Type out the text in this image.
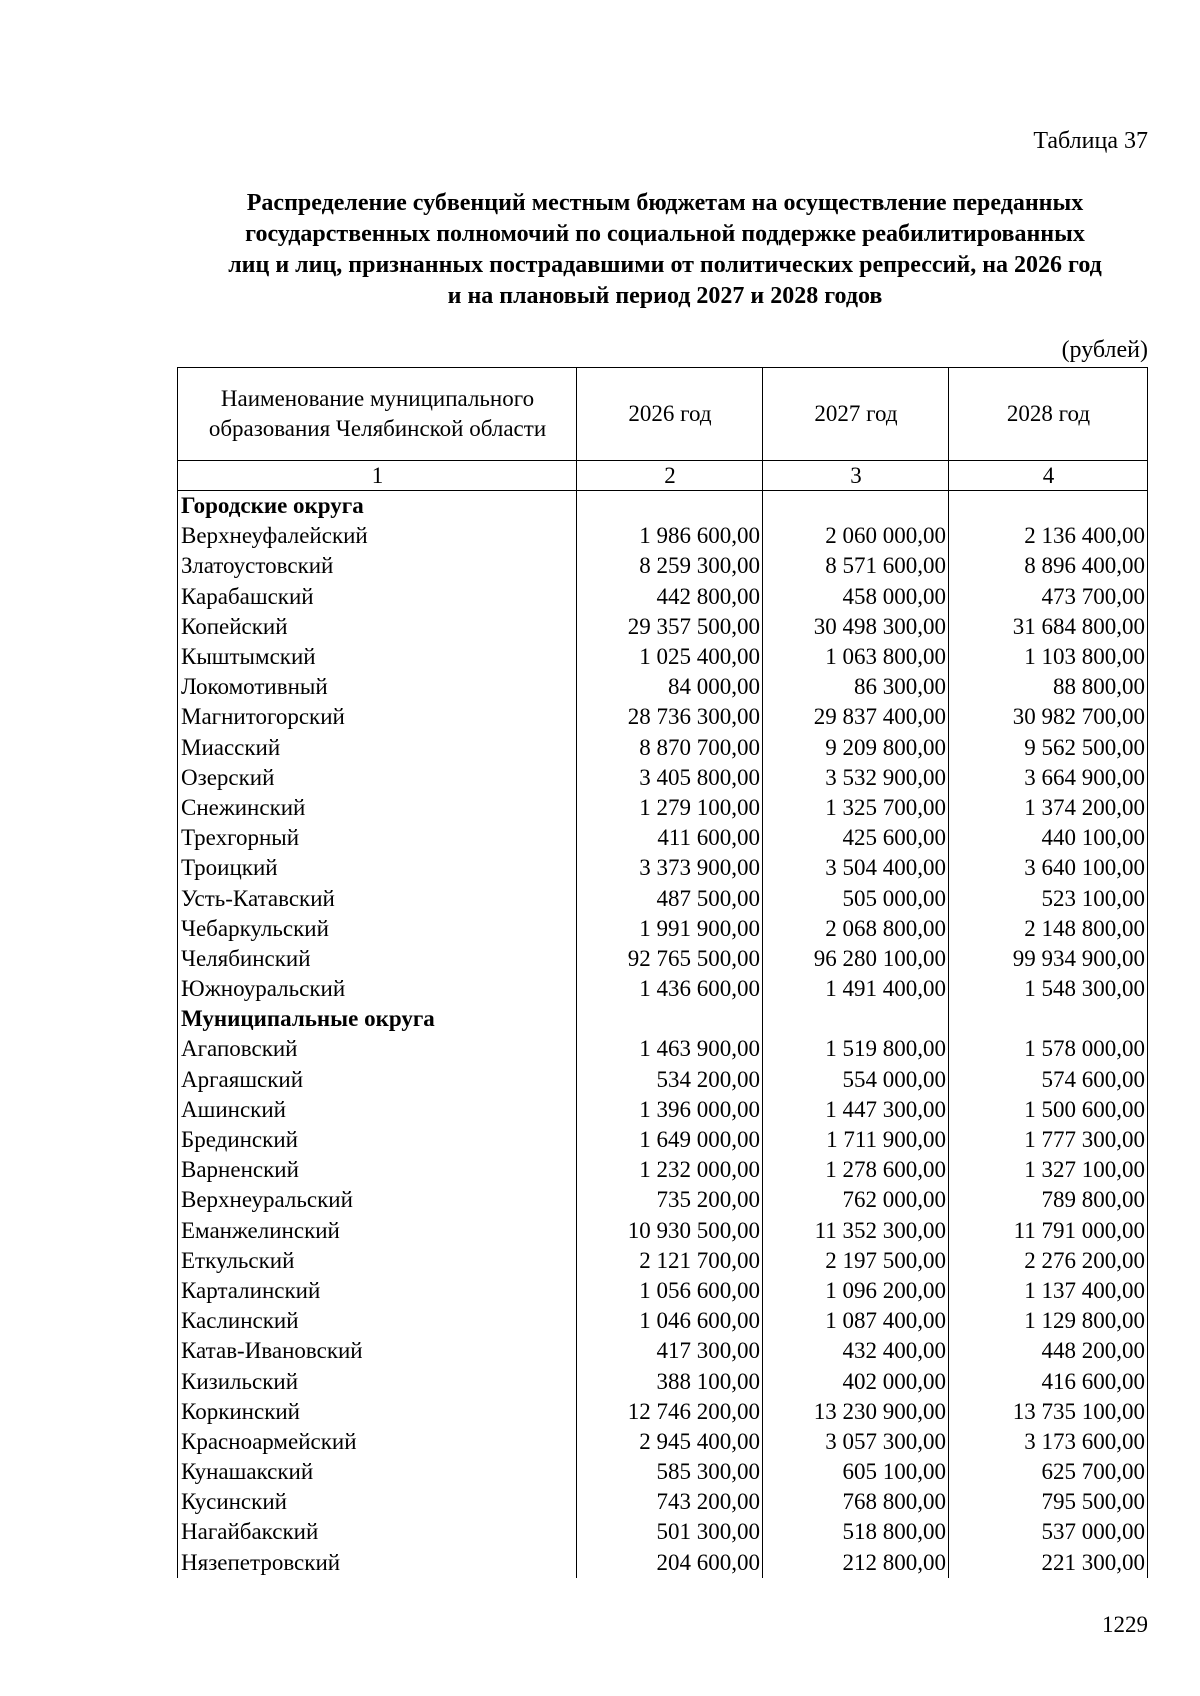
Таблица 37
Распределение субвенций местным бюджетам на осуществление переданных
государственных полномочий по социальной поддержке реабилитированных
лиц и лиц, признанных пострадавшими от политических репрессий, на 2026 год
и на плановый период 2027 и 2028 годов
(рублей)
Наименование муниципального образования Челябинской области	2026 год	2027 год	2028 год
1	2	3	4
Городские округа			
Верхнеуфалейский	1 986 600,00	2 060 000,00	2 136 400,00
Златоустовский	8 259 300,00	8 571 600,00	8 896 400,00
Карабашский	442 800,00	458 000,00	473 700,00
Копейский	29 357 500,00	30 498 300,00	31 684 800,00
Кыштымский	1 025 400,00	1 063 800,00	1 103 800,00
Локомотивный	84 000,00	86 300,00	88 800,00
Магнитогорский	28 736 300,00	29 837 400,00	30 982 700,00
Миасский	8 870 700,00	9 209 800,00	9 562 500,00
Озерский	3 405 800,00	3 532 900,00	3 664 900,00
Снежинский	1 279 100,00	1 325 700,00	1 374 200,00
Трехгорный	411 600,00	425 600,00	440 100,00
Троицкий	3 373 900,00	3 504 400,00	3 640 100,00
Усть-Катавский	487 500,00	505 000,00	523 100,00
Чебаркульский	1 991 900,00	2 068 800,00	2 148 800,00
Челябинский	92 765 500,00	96 280 100,00	99 934 900,00
Южноуральский	1 436 600,00	1 491 400,00	1 548 300,00
Муниципальные округа			
Агаповский	1 463 900,00	1 519 800,00	1 578 000,00
Аргаяшский	534 200,00	554 000,00	574 600,00
Ашинский	1 396 000,00	1 447 300,00	1 500 600,00
Брединский	1 649 000,00	1 711 900,00	1 777 300,00
Варненский	1 232 000,00	1 278 600,00	1 327 100,00
Верхнеуральский	735 200,00	762 000,00	789 800,00
Еманжелинский	10 930 500,00	11 352 300,00	11 791 000,00
Еткульский	2 121 700,00	2 197 500,00	2 276 200,00
Карталинский	1 056 600,00	1 096 200,00	1 137 400,00
Каслинский	1 046 600,00	1 087 400,00	1 129 800,00
Катав-Ивановский	417 300,00	432 400,00	448 200,00
Кизильский	388 100,00	402 000,00	416 600,00
Коркинский	12 746 200,00	13 230 900,00	13 735 100,00
Красноармейский	2 945 400,00	3 057 300,00	3 173 600,00
Кунашакский	585 300,00	605 100,00	625 700,00
Кусинский	743 200,00	768 800,00	795 500,00
Нагайбакский	501 300,00	518 800,00	537 000,00
Нязепетровский	204 600,00	212 800,00	221 300,00
1229
